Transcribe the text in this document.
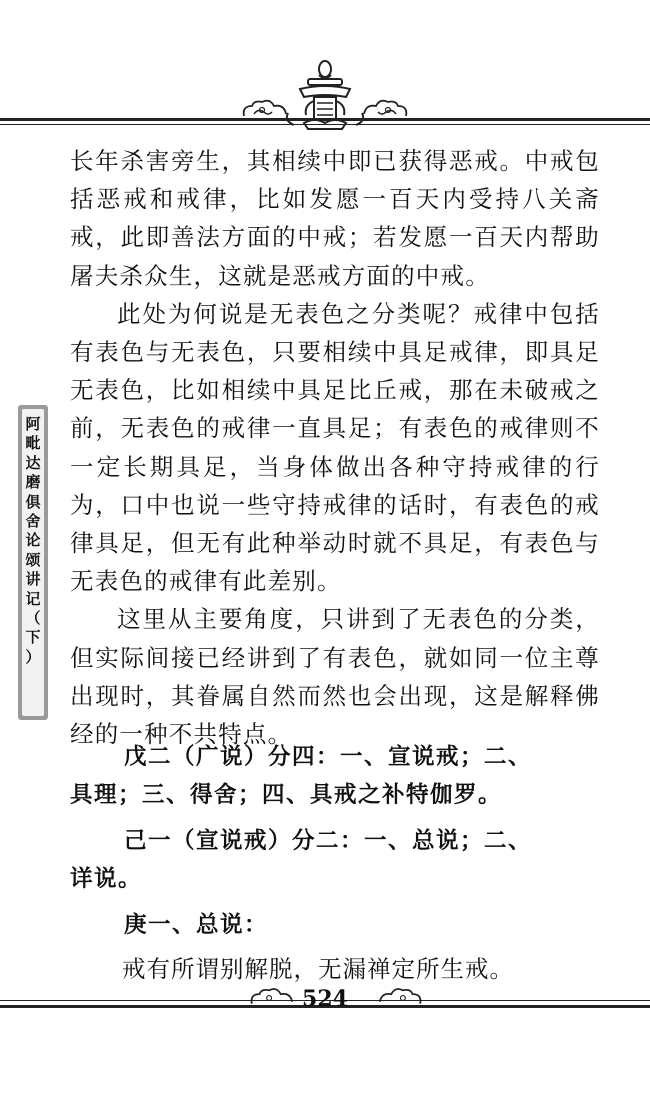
阿
毗
达
磨
俱
舍
论
颂
讲
记
（
下
）

长年杀害旁生，其相续中即已获得恶戒。中戒包括恶戒和戒律，比如发愿一百天内受持八关斋戒，此即善法方面的中戒；若发愿一百天内帮助屠夫杀众生，这就是恶戒方面的中戒。

此处为何说是无表色之分类呢？戒律中包括有表色与无表色，只要相续中具足戒律，即具足无表色，比如相续中具足比丘戒，那在未破戒之前，无表色的戒律一直具足；有表色的戒律则不一定长期具足，当身体做出各种守持戒律的行为，口中也说一些守持戒律的话时，有表色的戒律具足，但无有此种举动时就不具足，有表色与无表色的戒律有此差别。

这里从主要角度，只讲到了无表色的分类，但实际间接已经讲到了有表色，就如同一位主尊出现时，其眷属自然而然也会出现，这是解释佛经的一种不共特点。

戊二（广说）分四：一、宣说戒；二、
具理；三、得舍；四、具戒之补特伽罗。
己一（宣说戒）分二：一、总说；二、
详说。
庚一、总说：
戒有所谓别解脱，无漏禅定所生戒。
524
